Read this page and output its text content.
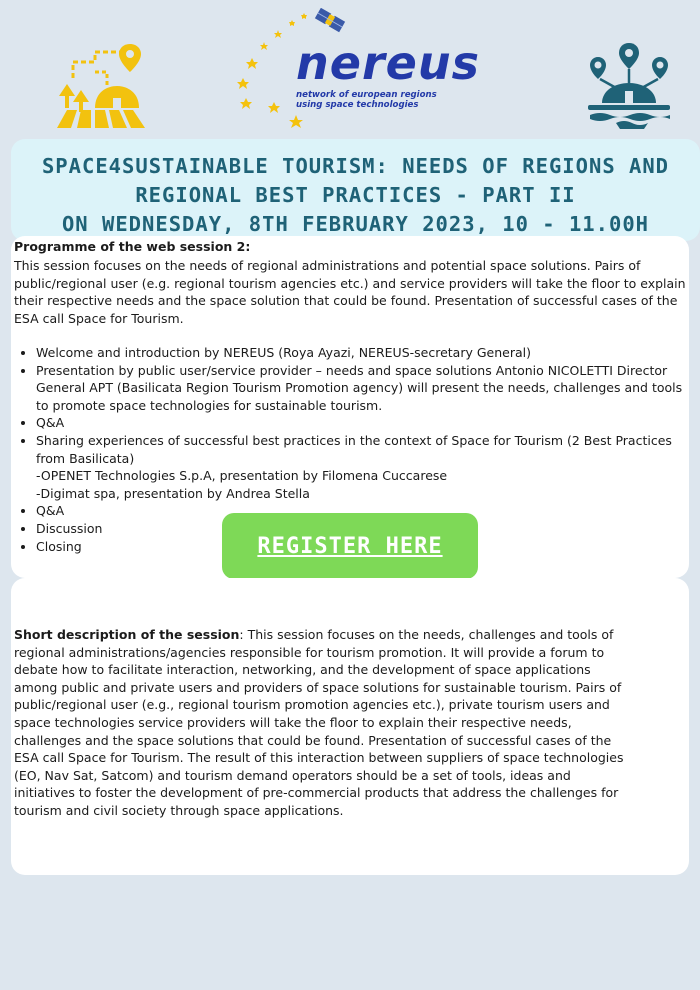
nereus
network of european regions
using space technologies
SPACE4SUSTAINABLE TOURISM: NEEDS OF REGIONS AND
REGIONAL BEST PRACTICES - PART II
ON WEDNESDAY, 8TH FEBRUARY 2023, 10 - 11.00H
Programme of the web session 2:
This session focuses on the needs of regional administrations and potential space solutions. Pairs of public/regional user (e.g. regional tourism agencies etc.) and service providers will take the floor to explain their respective needs and the space solution that could be found. Presentation of successful cases of the ESA call Space for Tourism.
• Welcome and introduction by NEREUS (Roya Ayazi, NEREUS-secretary General)
• Presentation by public user/service provider – needs and space solutions Antonio NICOLETTI Director General APT (Basilicata Region Tourism Promotion agency) will present the needs, challenges and tools to promote space technologies for sustainable tourism.
• Q&A
• Sharing experiences of successful best practices in the context of Space for Tourism (2 Best Practices from Basilicata)
-OPENET Technologies S.p.A, presentation by Filomena Cuccarese
-Digimat spa, presentation by Andrea Stella
• Q&A
• Discussion
• Closing	REGISTER HERE
Short description of the session: This session focuses on the needs, challenges and tools of regional administrations/agencies responsible for tourism promotion. It will provide a forum to debate how to facilitate interaction, networking, and the development of space applications among public and private users and providers of space solutions for sustainable tourism. Pairs of public/regional user (e.g., regional tourism promotion agencies etc.), private tourism users and space technologies service providers will take the floor to explain their respective needs, challenges and the space solutions that could be found. Presentation of successful cases of the ESA call Space for Tourism. The result of this interaction between suppliers of space technologies (EO, Nav Sat, Satcom) and tourism demand operators should be a set of tools, ideas and initiatives to foster the development of pre-commercial products that address the challenges for tourism and civil society through space applications.
